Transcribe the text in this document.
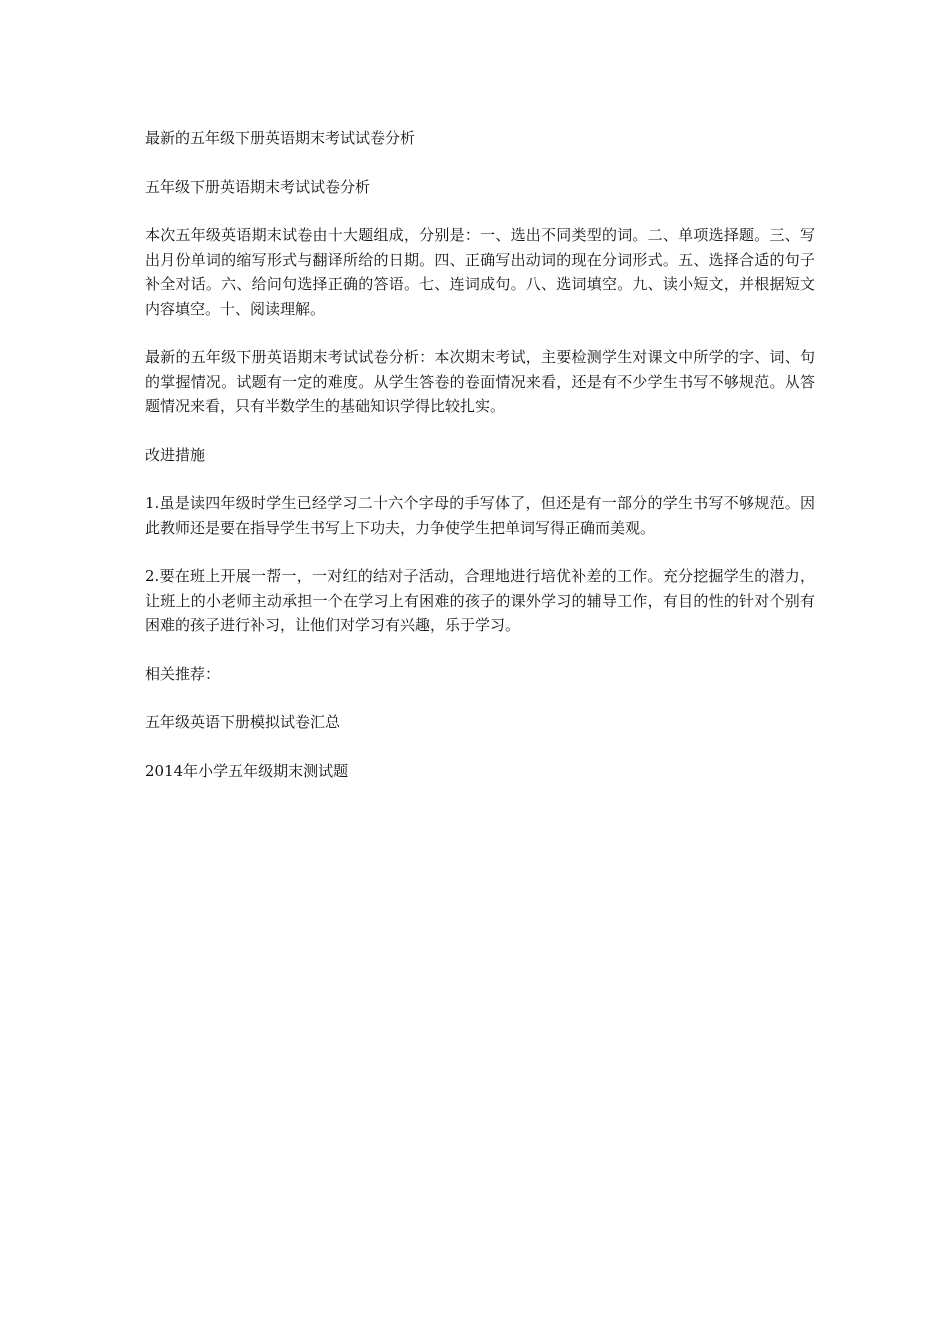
最新的五年级下册英语期末考试试卷分析

五年级下册英语期末考试试卷分析

本次五年级英语期末试卷由十大题组成，分别是：一、选出不同类型的词。二、单项选择题。三、写出月份单词的缩写形式与翻译所给的日期。四、正确写出动词的现在分词形式。五、选择合适的句子补全对话。六、给问句选择正确的答语。七、连词成句。八、选词填空。九、读小短文，并根据短文内容填空。十、阅读理解。

最新的五年级下册英语期末考试试卷分析：本次期末考试，主要检测学生对课文中所学的字、词、句的掌握情况。试题有一定的难度。从学生答卷的卷面情况来看，还是有不少学生书写不够规范。从答题情况来看，只有半数学生的基础知识学得比较扎实。

改进措施

1.虽是读四年级时学生已经学习二十六个字母的手写体了，但还是有一部分的学生书写不够规范。因此教师还是要在指导学生书写上下功夫，力争使学生把单词写得正确而美观。

2.要在班上开展一帮一，一对红的结对子活动，合理地进行培优补差的工作。充分挖掘学生的潜力，让班上的小老师主动承担一个在学习上有困难的孩子的课外学习的辅导工作，有目的性的针对个别有困难的孩子进行补习，让他们对学习有兴趣，乐于学习。

相关推荐：

五年级英语下册模拟试卷汇总

2014年小学五年级期末测试题
